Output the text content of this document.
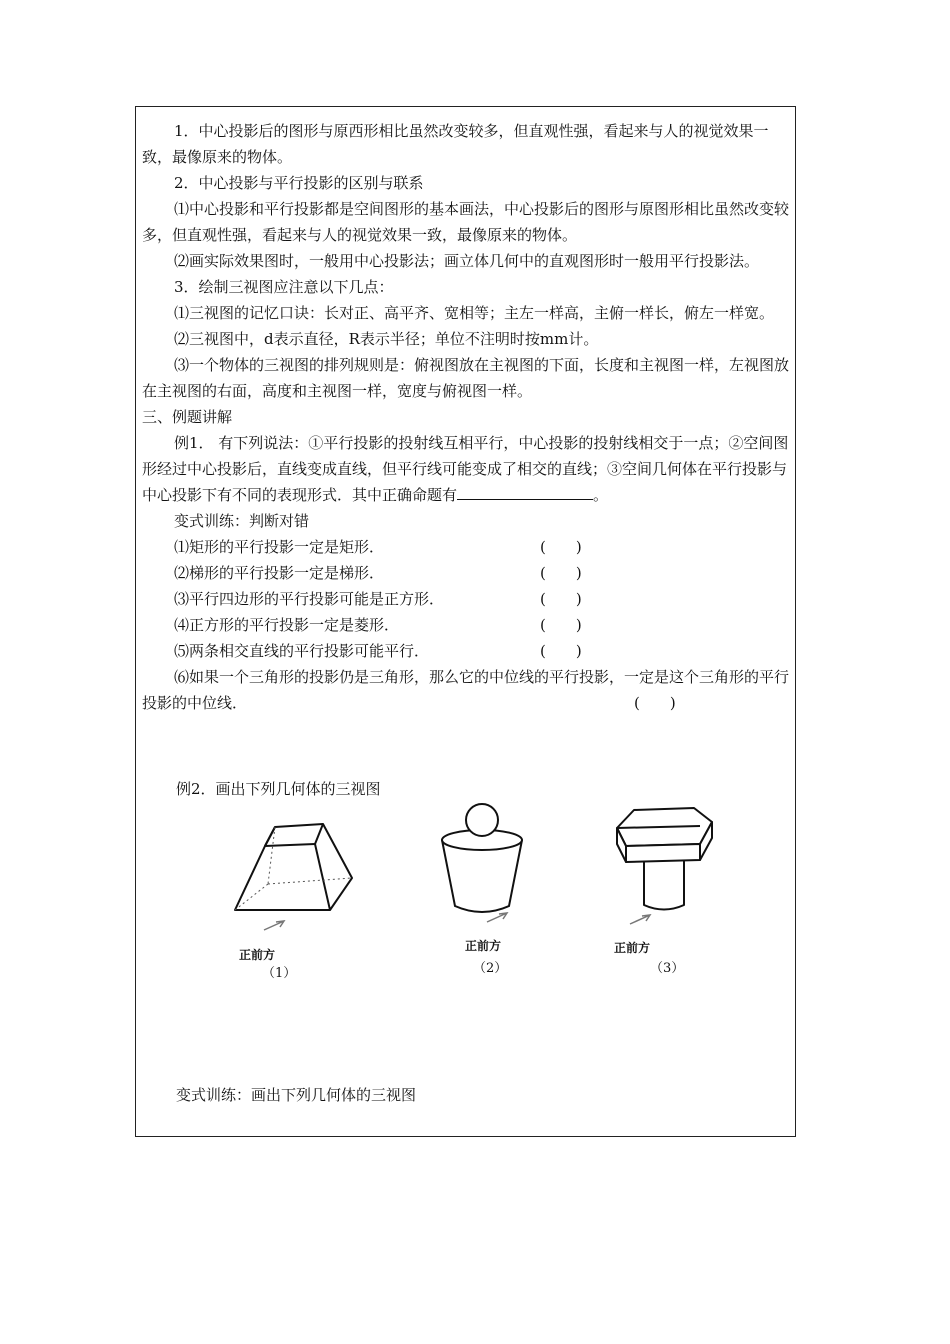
1．中心投影后的图形与原西形相比虽然改变较多，但直观性强，看起来与人的视觉效果一致，最像原来的物体。

2．中心投影与平行投影的区别与联系

⑴中心投影和平行投影都是空间图形的基本画法，中心投影后的图形与原图形相比虽然改变较多，但直观性强，看起来与人的视觉效果一致，最像原来的物体。

⑵画实际效果图时，一般用中心投影法；画立体几何中的直观图形时一般用平行投影法。

3．绘制三视图应注意以下几点：

⑴三视图的记忆口诀：长对正、高平齐、宽相等；主左一样高，主俯一样长，俯左一样宽。

⑵三视图中，d表示直径，R表示半径；单位不注明时按mm计。

⑶一个物体的三视图的排列规则是：俯视图放在主视图的下面，长度和主视图一样，左视图放在主视图的右面，高度和主视图一样，宽度与俯视图一样。

三、例题讲解

例1． 有下列说法：①平行投影的投射线互相平行，中心投影的投射线相交于一点；②空间图形经过中心投影后，直线变成直线，但平行线可能变成了相交的直线；③空间几何体在平行投影与中心投影下有不同的表现形式．其中正确命题有	。

变式训练：判断对错

⑴矩形的平行投影一定是矩形．	(　　)
⑵梯形的平行投影一定是梯形．	(　　)
⑶平行四边形的平行投影可能是正方形．	(　　)
⑷正方形的平行投影一定是菱形．	(　　)
⑸两条相交直线的平行投影可能平行．	(　　)

⑹如果一个三角形的投影仍是三角形，那么它的中位线的平行投影，一定是这个三角形的平行投影的中位线．	(　　)

例2．画出下列几何体的三视图

正前方
（1）
正前方
（2）
正前方
（3）

变式训练：画出下列几何体的三视图
